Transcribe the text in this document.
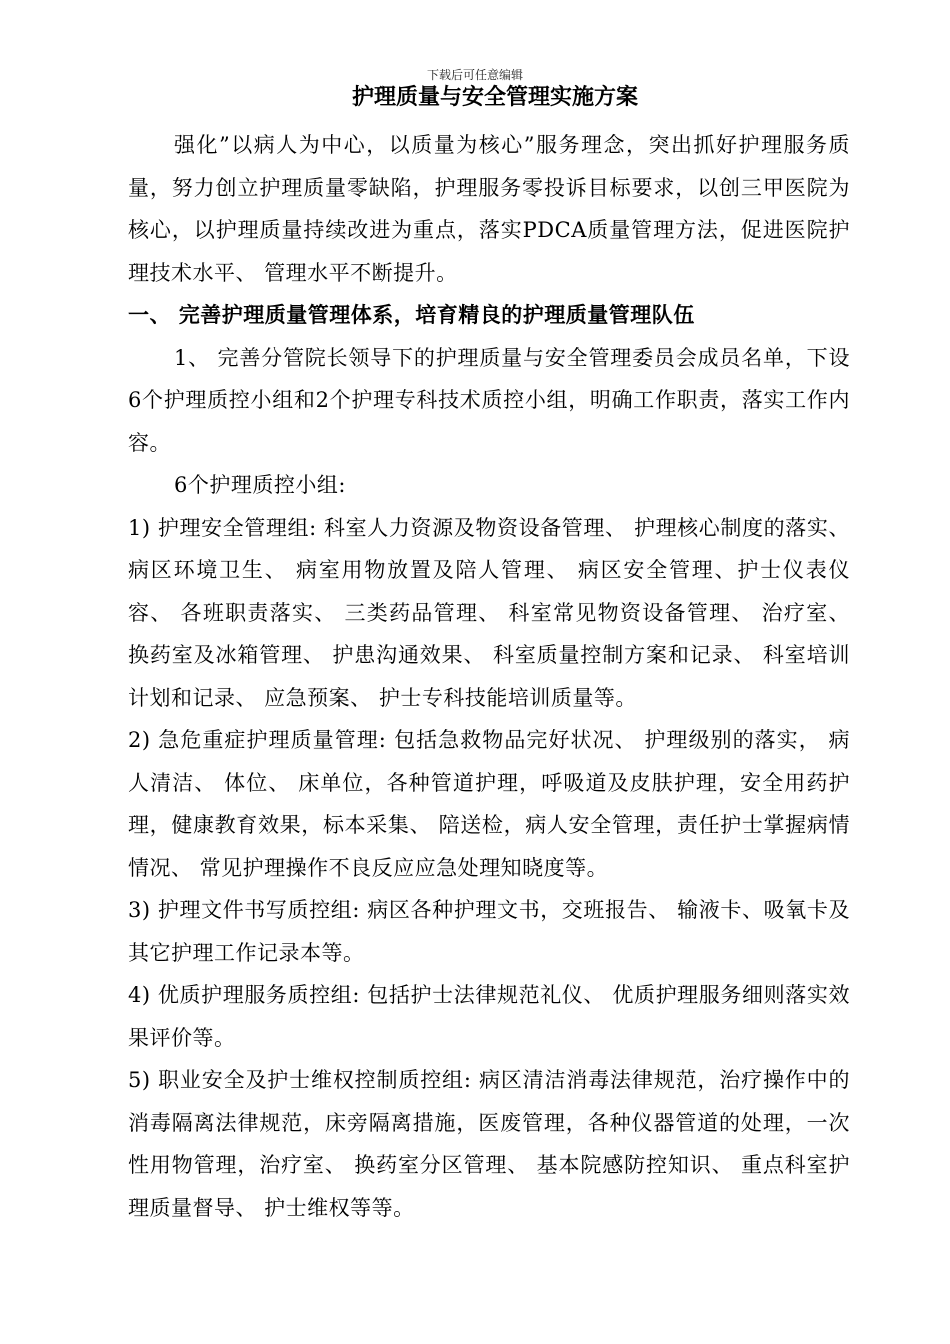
下载后可任意编辑
护理质量与安全管理实施方案

强化”以病人为中心，以质量为核心”服务理念，突出抓好护理服务质量，努力创立护理质量零缺陷，护理服务零投诉目标要求，以创三甲医院为核心，以护理质量持续改进为重点，落实PDCA质量管理方法，促进医院护理技术水平、 管理水平不断提升。

一、 完善护理质量管理体系，培育精良的护理质量管理队伍

1、 完善分管院长领导下的护理质量与安全管理委员会成员名单，下设6个护理质控小组和2个护理专科技术质控小组，明确工作职责，落实工作内容。

6个护理质控小组:

1) 护理安全管理组: 科室人力资源及物资设备管理、 护理核心制度的落实、 病区环境卫生、 病室用物放置及陪人管理、 病区安全管理、护士仪表仪容、 各班职责落实、 三类药品管理、 科室常见物资设备管理、 治疗室、 换药室及冰箱管理、 护患沟通效果、 科室质量控制方案和记录、 科室培训计划和记录、 应急预案、 护士专科技能培训质量等。

2) 急危重症护理质量管理: 包括急救物品完好状况、 护理级别的落实， 病人清洁、 体位、 床单位，各种管道护理，呼吸道及皮肤护理，安全用药护理，健康教育效果，标本采集、 陪送检，病人安全管理，责任护士掌握病情情况、 常见护理操作不良反应应急处理知晓度等。

3) 护理文件书写质控组: 病区各种护理文书，交班报告、 输液卡、吸氧卡及其它护理工作记录本等。

4) 优质护理服务质控组: 包括护士法律规范礼仪、 优质护理服务细则落实效果评价等。

5) 职业安全及护士维权控制质控组: 病区清洁消毒法律规范，治疗操作中的消毒隔离法律规范，床旁隔离措施，医废管理，各种仪器管道的处理，一次性用物管理，治疗室、 换药室分区管理、 基本院感防控知识、 重点科室护理质量督导、 护士维权等等。
